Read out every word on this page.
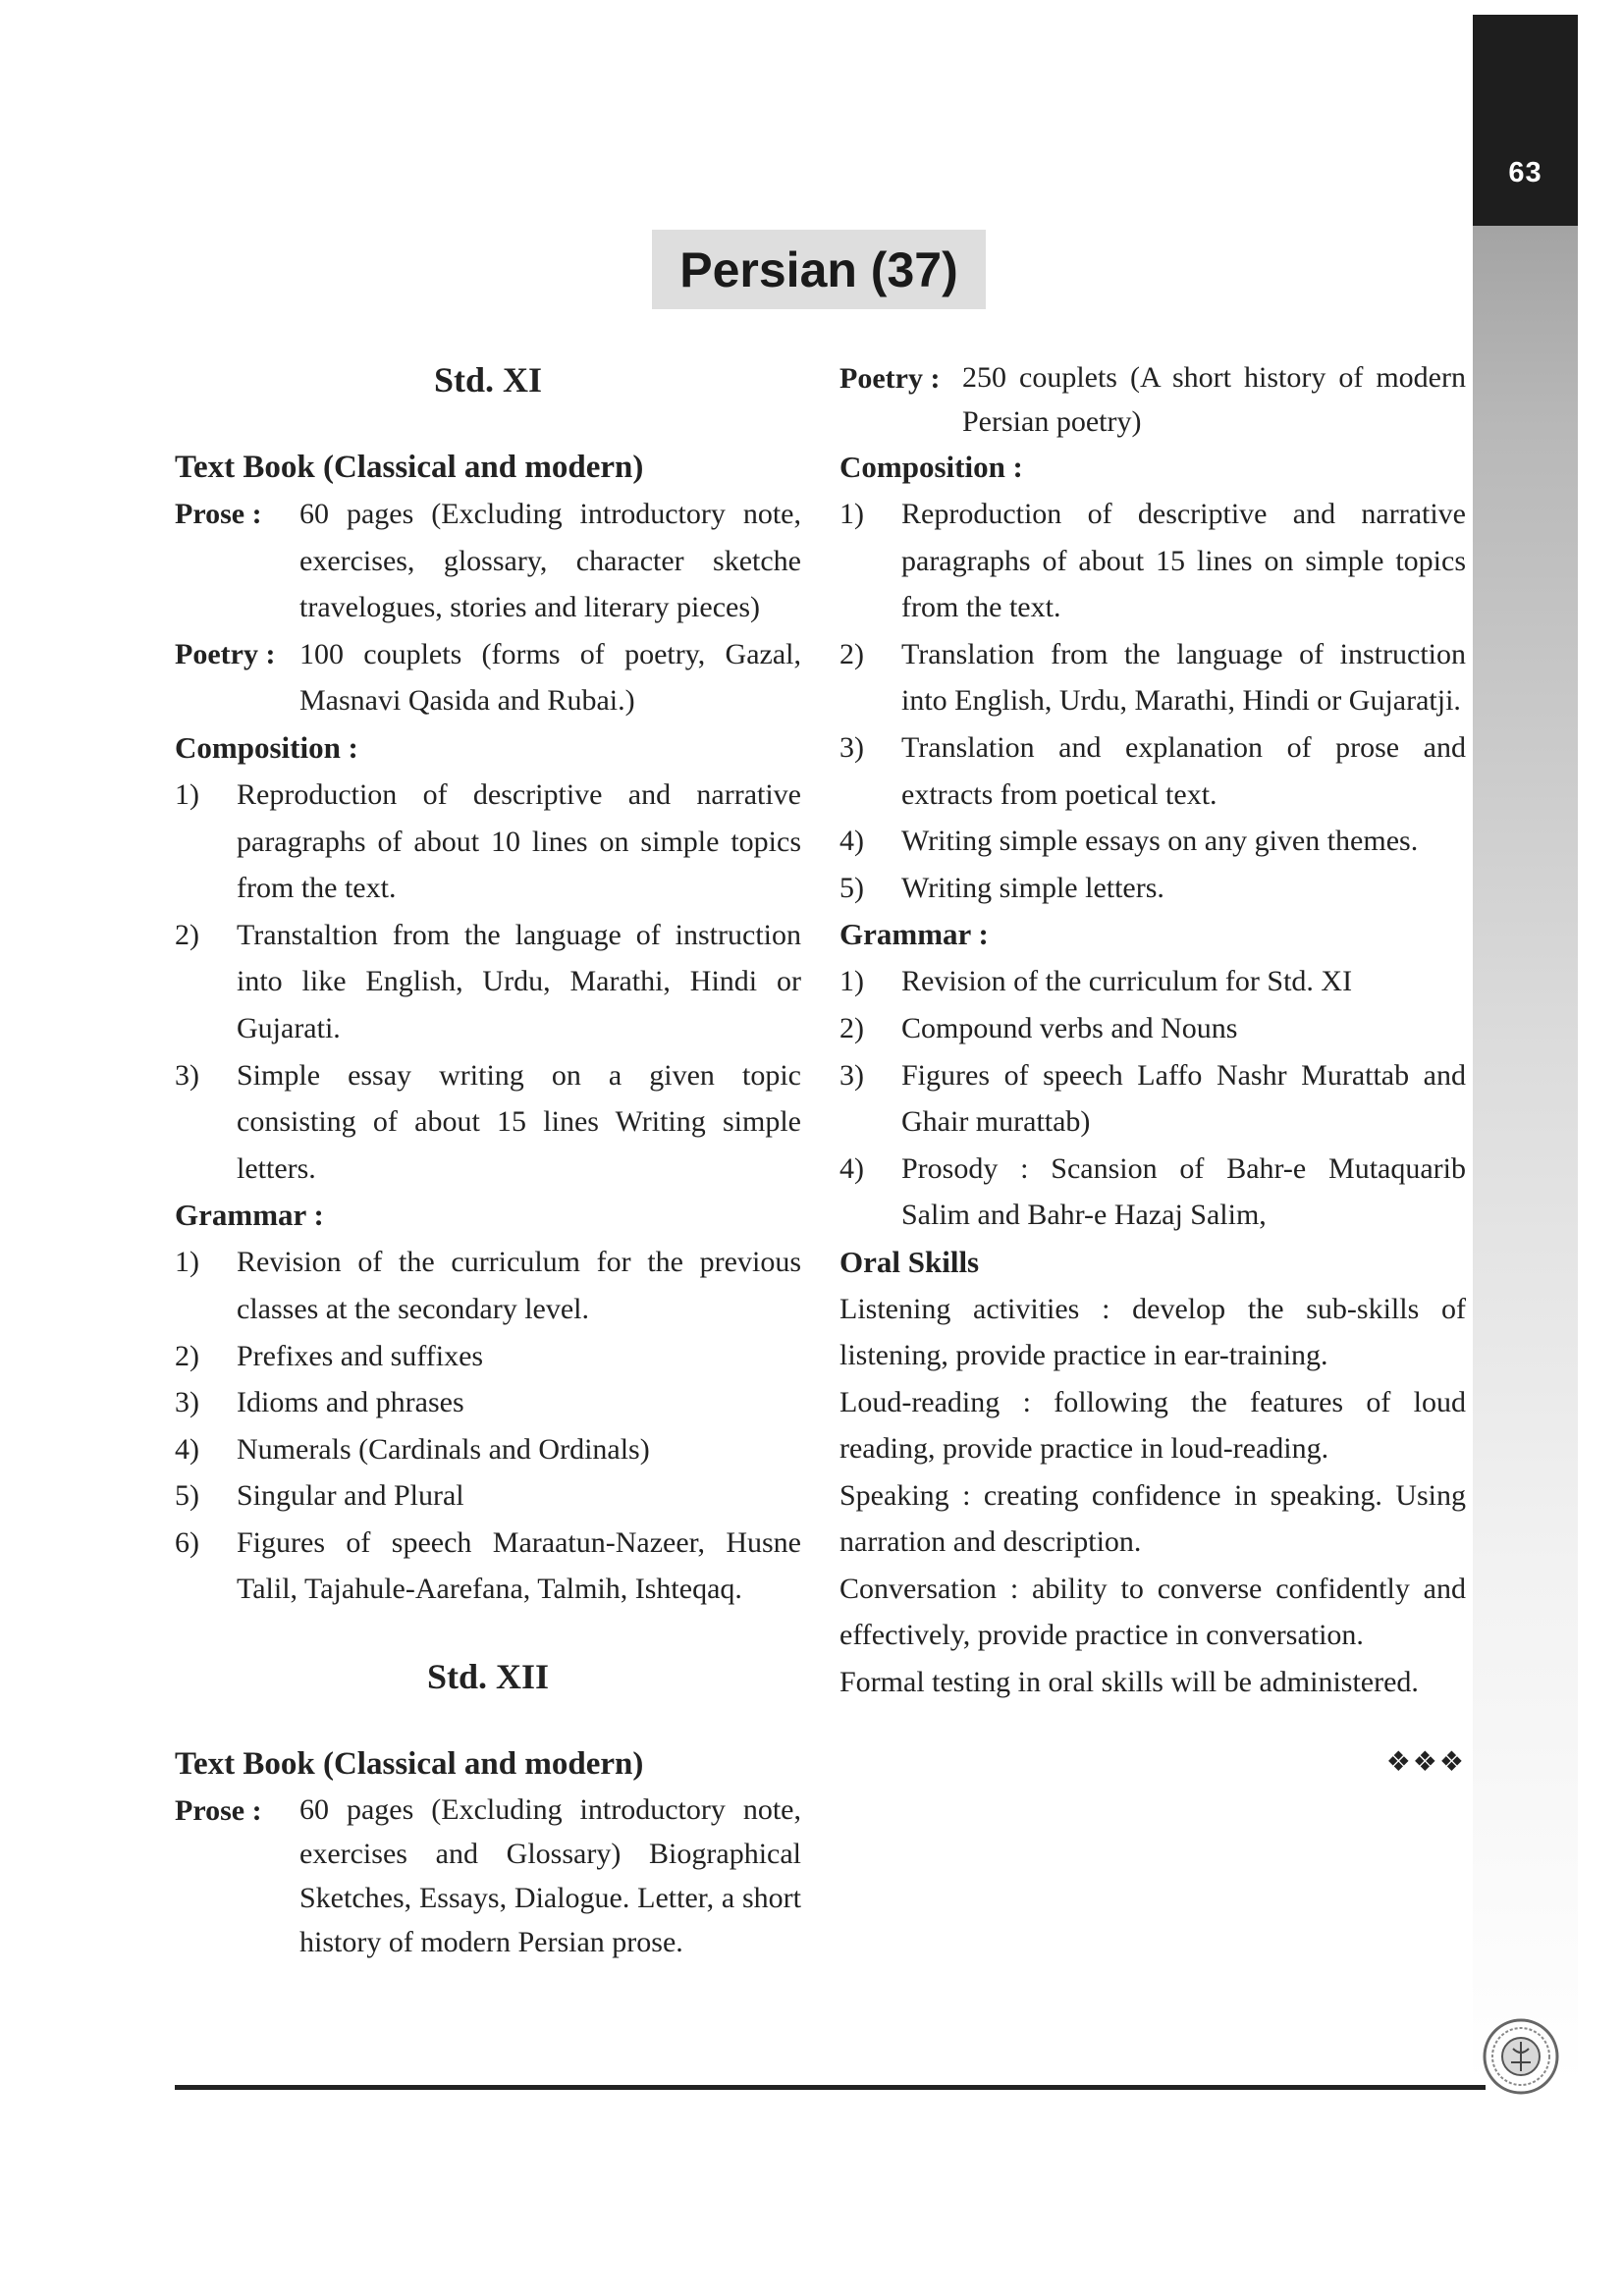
63
Persian (37)

Std. XI

Text Book (Classical and modern)

Prose :	60 pages (Excluding introductory note, exercises, glossary, character sketche travelogues, stories and literary pieces)
Poetry : 100 couplets (forms of poetry, Gazal, Masnavi Qasida and Rubai.)

Composition :

1)	Reproduction of descriptive and narrative paragraphs of about 10 lines on simple topics from the text.
2)	Transtaltion from the language of instruction into like English, Urdu, Marathi, Hindi or Gujarati.
3)	Simple essay writing on a given topic consisting of about 15 lines Writing simple letters.

Grammar :

1)	Revision of the curriculum for the previous classes at the secondary level.
2)	Prefixes and suffixes
3)	Idioms and phrases
4)	Numerals (Cardinals and Ordinals)
5)	Singular and Plural
6)	Figures of speech Maraatun-Nazeer, Husne Talil, Tajahule-Aarefana, Talmih, Ishteqaq.

Std. XII

Text Book (Classical and modern)

Prose :	60 pages (Excluding introductory note, exercises and Glossary) Biographical Sketches, Essays, Dialogue. Letter, a short history of modern Persian prose.
Poetry : 250 couplets (A short history of modern Persian poetry)

Composition :

1)	Reproduction of descriptive and narrative paragraphs of about 15 lines on simple topics from the text.
2)	Translation from the language of instruction into English, Urdu, Marathi, Hindi or Gujaratji.
3)	Translation and explanation of prose and extracts from poetical text.
4)	Writing simple essays on any given themes.
5)	Writing simple letters.

Grammar :

1)	Revision of the curriculum for Std. XI
2)	Compound verbs and Nouns
3)	Figures of speech Laffo Nashr Murattab and Ghair murattab)
4)	Prosody : Scansion of Bahr-e Mutaquarib Salim and Bahr-e Hazaj Salim,

Oral Skills

Listening activities : develop the sub-skills of listening, provide practice in ear-training.

Loud-reading : following the features of loud reading, provide practice in loud-reading.

Speaking : creating confidence in speaking. Using narration and description.

Conversation : ability to converse confidently and effectively, provide practice in conversation.

Formal testing in oral skills will be administered.

❖❖❖
